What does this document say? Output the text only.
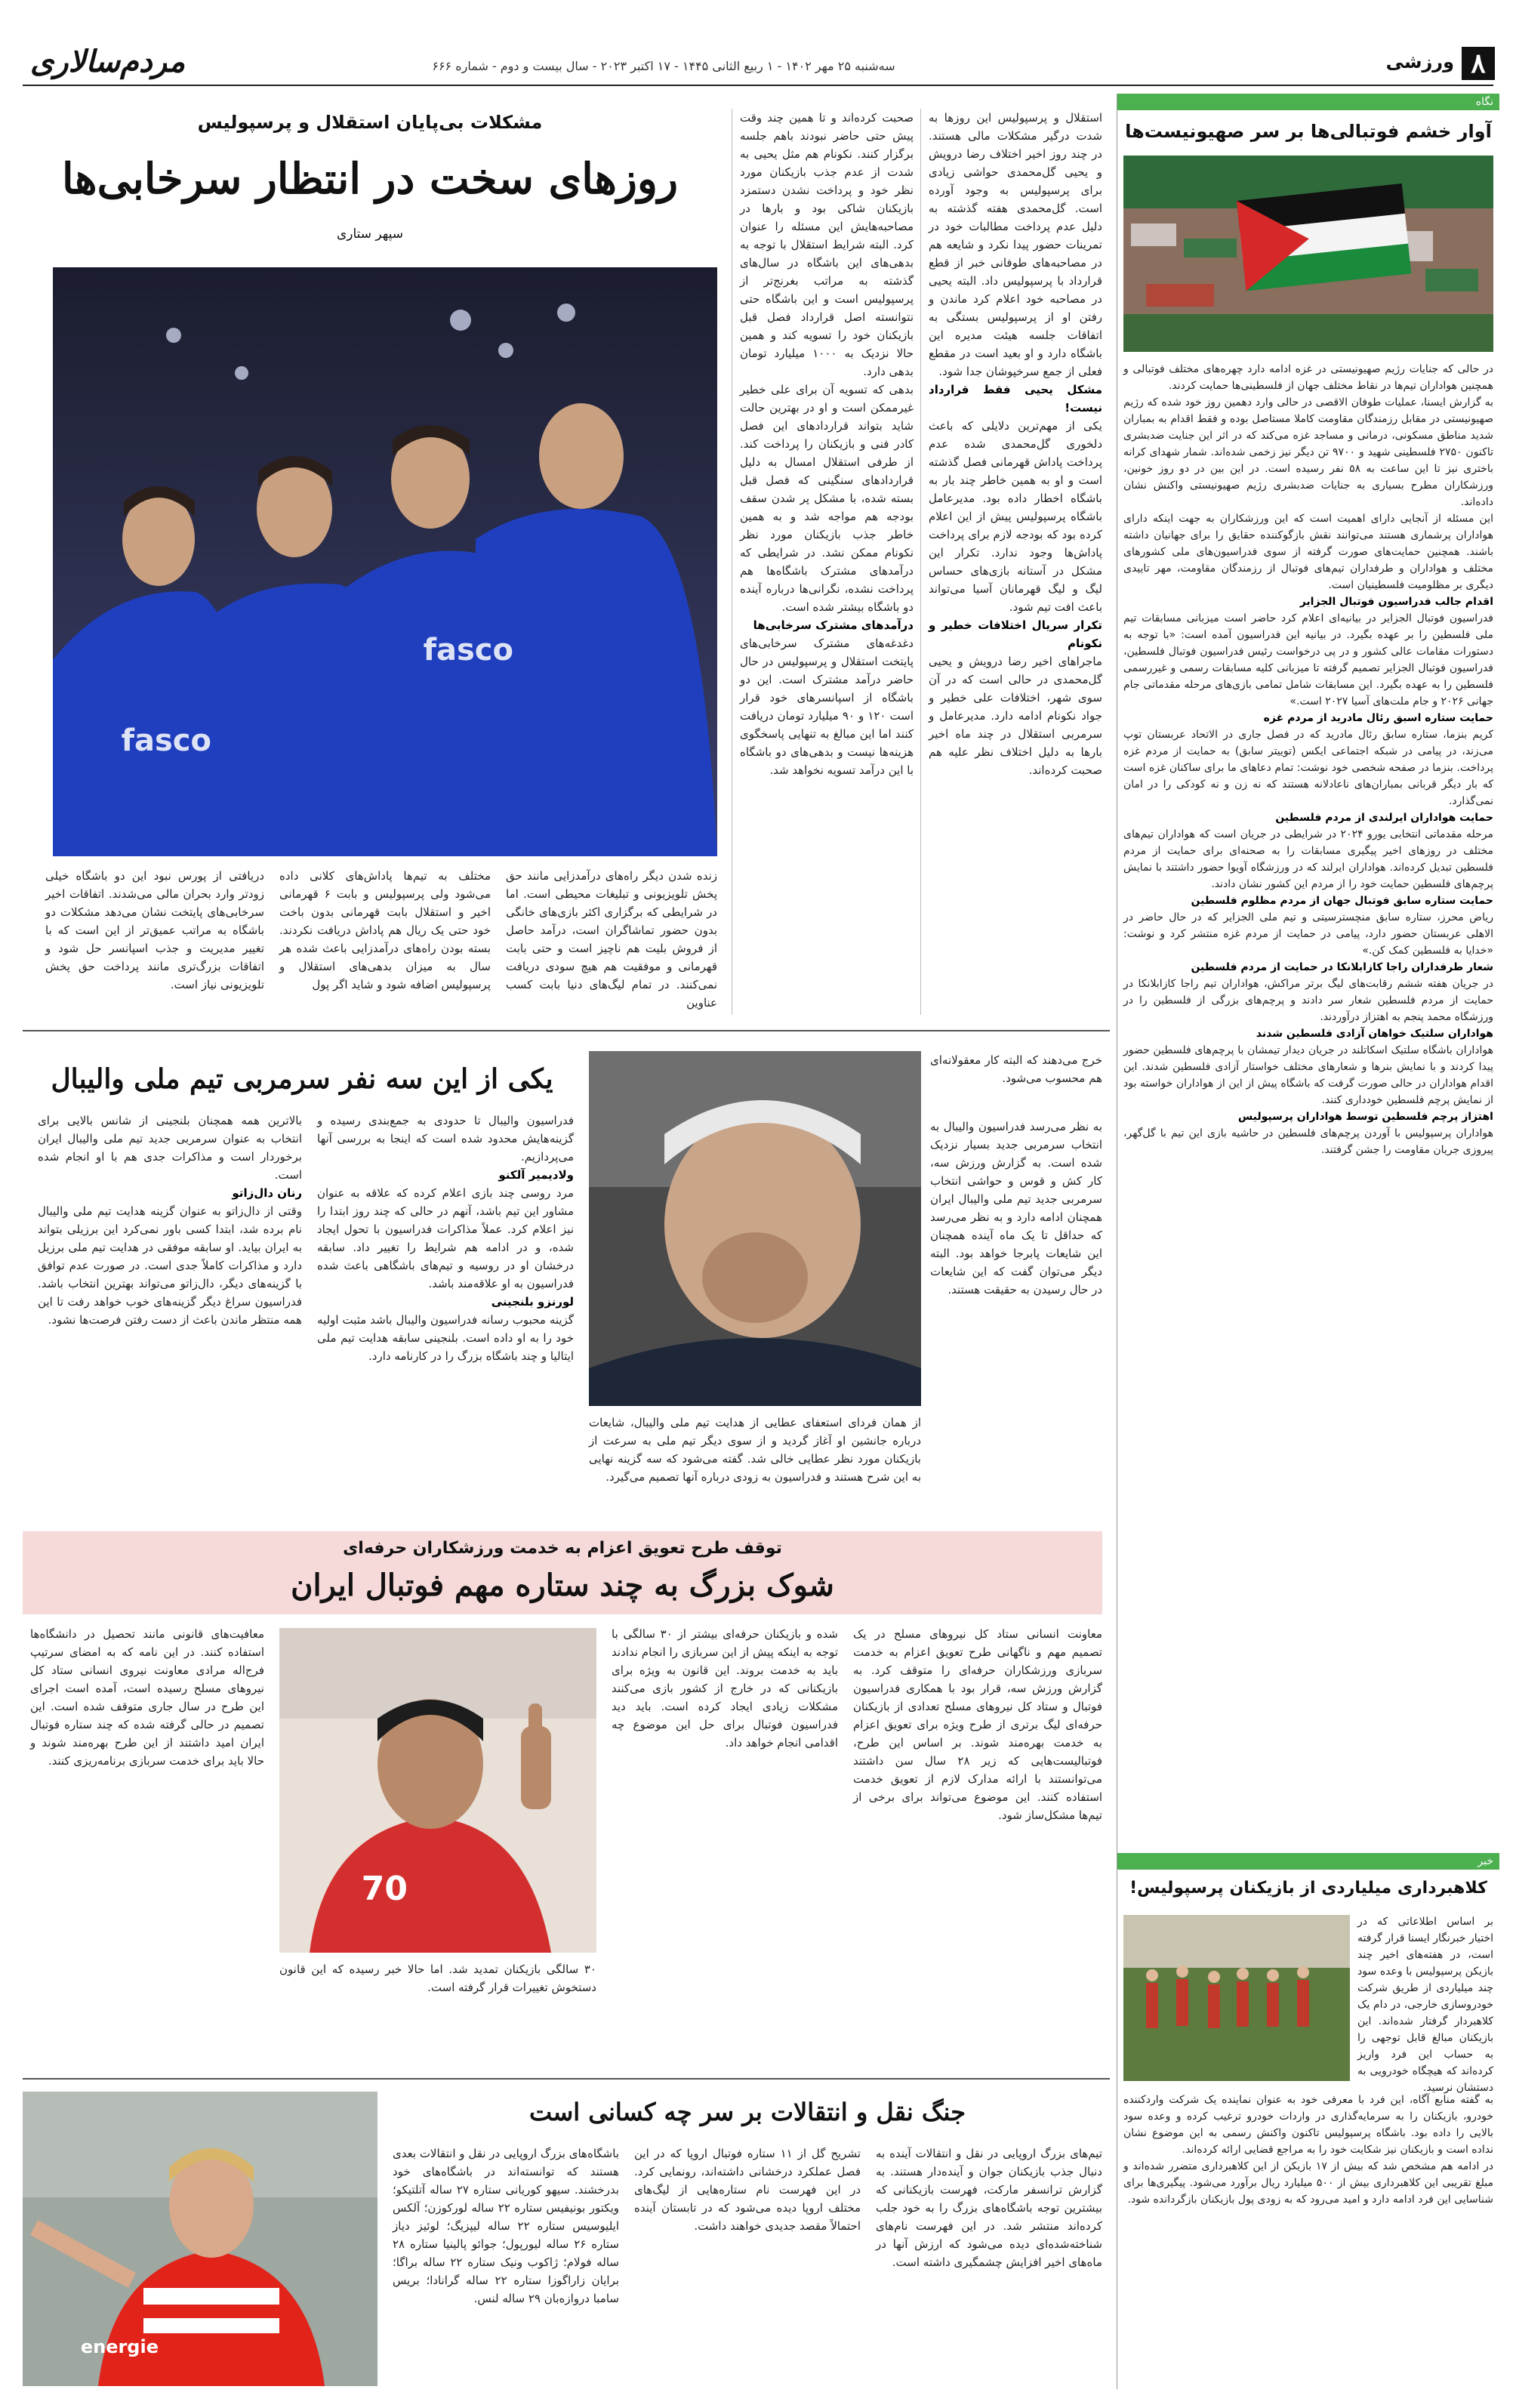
۸
ورزشی
سه‌شنبه ۲۵ مهر ۱۴۰۲ - ۱ ربیع الثانی ۱۴۴۵ - ۱۷ اکتبر ۲۰۲۳ - سال بیست و دوم - شماره ۶۶۶
مردم‌سالاری
نگاه
آوار خشم فوتبالی‌ها بر سر صهیونیست‌ها

در حالی که جنایات رژیم صهیونیستی در غزه ادامه دارد چهره‌های مختلف فوتبالی و همچنین هواداران تیم‌ها در نقاط مختلف جهان از فلسطینی‌ها حمایت کردند.

به گزارش ایسنا، عملیات طوفان الاقصی در حالی وارد دهمین روز خود شده که رژیم صهیونیستی در مقابل رزمندگان مقاومت کاملا مستاصل بوده و فقط اقدام به بمباران شدید مناطق مسکونی، درمانی و مساجد غزه می‌کند که در اثر این جنایت ضدبشری تاکنون ۲۷۵۰ فلسطینی شهید و ۹۷۰۰ تن دیگر نیز زخمی شده‌اند. شمار شهدای کرانه باختری نیز تا این ساعت به ۵۸ نفر رسیده است. در این بین در دو روز خونین، ورزشکاران مطرح بسیاری به جنایات ضدبشری رژیم صهیونیستی واکنش نشان داده‌اند.

این مسئله از آنجایی دارای اهمیت است که این ورزشکاران به جهت اینکه دارای هواداران پرشماری هستند می‌توانند نقش بازگوکننده حقایق را برای جهانیان داشته باشند. همچنین حمایت‌های صورت گرفته از سوی فدراسیون‌های ملی کشورهای مختلف و هواداران و طرفداران تیم‌های فوتبال از رزمندگان مقاومت، مهر تاییدی دیگری بر مظلومیت فلسطینیان است.

اقدام جالب فدراسیون فوتبال الجزایر

فدراسیون فوتبال الجزایر در بیانیه‌ای اعلام کرد حاضر است میزبانی مسابقات تیم ملی فلسطین را بر عهده بگیرد. در بیانیه این فدراسیون آمده است: «با توجه به دستورات مقامات عالی کشور و در پی درخواست رئیس فدراسیون فوتبال فلسطین، فدراسیون فوتبال الجزایر تصمیم گرفته تا میزبانی کلیه مسابقات رسمی و غیررسمی فلسطین را به عهده بگیرد. این مسابقات شامل تمامی بازی‌های مرحله مقدماتی جام جهانی ۲۰۲۶ و جام ملت‌های آسیا ۲۰۲۷ است.»

حمایت ستاره اسبق رئال مادرید از مردم غزه

کریم بنزما، ستاره سابق رئال مادرید که در فصل جاری در الاتحاد عربستان توپ می‌زند، در پیامی در شبکه اجتماعی ایکس (توییتر سابق) به حمایت از مردم غزه پرداخت. بنزما در صفحه شخصی خود نوشت: تمام دعاهای ما برای ساکنان غزه است که بار دیگر قربانی بمباران‌های ناعادلانه هستند که نه زن و نه کودکی را در امان نمی‌گذارد.

حمایت هواداران ایرلندی از مردم فلسطین

مرحله مقدماتی انتخابی یورو ۲۰۲۴ در شرایطی در جریان است که هواداران تیم‌های مختلف در روزهای اخیر پیگیری مسابقات را به صحنه‌ای برای حمایت از مردم فلسطین تبدیل کرده‌اند. هواداران ایرلند که در ورزشگاه آویوا حضور داشتند با نمایش پرچم‌های فلسطین حمایت خود را از مردم این کشور نشان دادند.

حمایت ستاره سابق فوتبال جهان از مردم مظلوم فلسطین

ریاض محرز، ستاره سابق منچسترسیتی و تیم ملی الجزایر که در حال حاضر در الاهلی عربستان حضور دارد، پیامی در حمایت از مردم غزه منتشر کرد و نوشت: «خدایا به فلسطین کمک کن.»

شعار طرفداران راجا کازابلانکا در حمایت از مردم فلسطین

در جریان هفته ششم رقابت‌های لیگ برتر مراکش، هواداران تیم راجا کازابلانکا در حمایت از مردم فلسطین شعار سر دادند و پرچم‌های بزرگی از فلسطین را در ورزشگاه محمد پنجم به اهتزاز درآوردند.

هواداران سلتیک خواهان آزادی فلسطین شدند

هواداران باشگاه سلتیک اسکاتلند در جریان دیدار تیمشان با پرچم‌های فلسطین حضور پیدا کردند و با نمایش بنرها و شعارهای مختلف خواستار آزادی فلسطین شدند. این اقدام هواداران در حالی صورت گرفت که باشگاه پیش از این از هواداران خواسته بود از نمایش پرچم فلسطین خودداری کنند.

اهتزاز پرچم فلسطین توسط هواداران پرسپولیس

هواداران پرسپولیس با آوردن پرچم‌های فلسطین در حاشیه بازی این تیم با گل‌گهر، پیروزی جریان مقاومت را جشن گرفتند.

خبر
کلاهبرداری میلیاردی از بازیکنان پرسپولیس!

بر اساس اطلاعاتی که در اختیار خبرنگار ایسنا قرار گرفته است، در هفته‌های اخیر چند بازیکن پرسپولیس با وعده سود چند میلیاردی از طریق شرکت خودروسازی خارجی، در دام یک کلاهبردار گرفتار شده‌اند. این بازیکنان مبالغ قابل توجهی را به حساب این فرد واریز کرده‌اند که هیچگاه خودرویی به دستشان نرسید.

به گفته منابع آگاه، این فرد با معرفی خود به عنوان نماینده یک شرکت واردکننده خودرو، بازیکنان را به سرمایه‌گذاری در واردات خودرو ترغیب کرده و وعده سود بالایی را داده بود. باشگاه پرسپولیس تاکنون واکنش رسمی به این موضوع نشان نداده است و بازیکنان نیز شکایت خود را به مراجع قضایی ارائه کرده‌اند.

در ادامه هم مشخص شد که بیش از ۱۷ بازیکن از این کلاهبرداری متضرر شده‌اند و مبلغ تقریبی این کلاهبرداری بیش از ۵۰۰ میلیارد ریال برآورد می‌شود. پیگیری‌ها برای شناسایی این فرد ادامه دارد و امید می‌رود که به زودی پول بازیکنان بازگردانده شود.

استقلال و پرسپولیس این روزها به شدت درگیر مشکلات مالی هستند. در چند روز اخیر اختلاف رضا درویش و یحیی گل‌محمدی حواشی زیادی برای پرسپولیس به وجود آورده است. گل‌محمدی هفته گذشته به دلیل عدم پرداخت مطالبات خود در تمرینات حضور پیدا نکرد و شایعه هم در مصاحبه‌های طوفانی خبر از قطع قرارداد با پرسپولیس داد. البته یحیی در مصاحبه خود اعلام کرد ماندن و رفتن او از پرسپولیس بستگی به اتفاقات جلسه هیئت مدیره این باشگاه دارد و او بعید است در مقطع فعلی از جمع سرخپوشان جدا شود.

مشکل یحیی فقط قرارداد نیست!

یکی از مهم‌ترین دلایلی که باعث دلخوری گل‌محمدی شده عدم پرداخت پاداش قهرمانی فصل گذشته است و او به همین خاطر چند بار به باشگاه اخطار داده بود. مدیرعامل باشگاه پرسپولیس پیش از این اعلام کرده بود که بودجه لازم برای پرداخت پاداش‌ها وجود ندارد. تکرار این مشکل در آستانه بازی‌های حساس لیگ و لیگ قهرمانان آسیا می‌تواند باعث افت تیم شود.

تکرار سریال اختلافات خطیر و نکونام

ماجراهای اخیر رضا درویش و یحیی گل‌محمدی در حالی است که در آن سوی شهر، اختلافات علی خطیر و جواد نکونام ادامه دارد. مدیرعامل و سرمربی استقلال در چند ماه اخیر بارها به دلیل اختلاف نظر علیه هم صحبت کرده‌اند.

صحبت کرده‌اند و تا همین چند وقت پیش حتی حاضر نبودند باهم جلسه برگزار کنند. نکونام هم مثل یحیی به شدت از عدم جذب بازیکنان مورد نظر خود و پرداخت نشدن دستمزد بازیکنان شاکی بود و بارها در مصاحبه‌هایش این مسئله را عنوان کرد. البته شرایط استقلال با توجه به بدهی‌های این باشگاه در سال‌های گذشته به مراتب بغرنج‌تر از پرسپولیس است و این باشگاه حتی نتوانسته اصل قرارداد فصل قبل بازیکنان خود را تسویه کند و همین حالا نزدیک به ۱۰۰۰ میلیارد تومان بدهی دارد.

بدهی که تسویه آن برای علی خطیر غیرممکن است و او در بهترین حالت شاید بتواند قراردادهای این فصل کادر فنی و بازیکنان را پرداخت کند. از طرفی استقلال امسال به دلیل قراردادهای سنگینی که فصل قبل بسته شده، با مشکل پر شدن سقف بودجه هم مواجه شد و به همین خاطر جذب بازیکنان مورد نظر نکونام ممکن نشد. در شرایطی که درآمدهای مشترک باشگاه‌ها هم پرداخت نشده، نگرانی‌ها درباره آینده دو باشگاه بیشتر شده است.

درآمدهای مشترک سرخابی‌ها

دغدغه‌های مشترک سرخابی‌های پایتخت استقلال و پرسپولیس در حال حاضر درآمد مشترک است. این دو باشگاه از اسپانسرهای خود قرار است ۱۲۰ و ۹۰ میلیارد تومان دریافت کنند اما این مبالغ به تنهایی پاسخگوی هزینه‌ها نیست و بدهی‌های دو باشگاه با این درآمد تسویه نخواهد شد.

مشکلات بی‌پایان استقلال و پرسپولیس
روزهای سخت در انتظار سرخابی‌ها
سپهر ستاری
fasco
fasco

زنده شدن دیگر راه‌های درآمدزایی مانند حق پخش تلویزیونی و تبلیغات محیطی است. اما در شرایطی که برگزاری اکثر بازی‌های خانگی بدون حضور تماشاگران است، درآمد حاصل از فروش بلیت هم ناچیز است و حتی بابت قهرمانی و موفقیت هم هیچ سودی دریافت نمی‌کنند. در تمام لیگ‌های دنیا بابت کسب عناوین

مختلف به تیم‌ها پاداش‌های کلانی داده می‌شود ولی پرسپولیس و بابت ۶ قهرمانی اخیر و استقلال بابت قهرمانی بدون باخت خود حتی یک ریال هم پاداش دریافت نکردند. بسته بودن راه‌های درآمدزایی باعث شده هر سال به میزان بدهی‌های استقلال و پرسپولیس اضافه شود و شاید اگر پول

دریافتی از پورس نبود این دو باشگاه خیلی زودتر وارد بحران مالی می‌شدند. اتفاقات اخیر سرخابی‌های پایتخت نشان می‌دهد مشکلات دو باشگاه به مراتب عمیق‌تر از این است که با تغییر مدیریت و جذب اسپانسر حل شود و اتفاقات بزرگ‌تری مانند پرداخت حق پخش تلویزیونی نیاز است.

یکی از این سه نفر سرمربی تیم ملی والیبال

خرج می‌دهند که البته کار معقولانه‌ای هم محسوب می‌شود.

به نظر می‌رسد فدراسیون والیبال به انتخاب سرمربی جدید بسیار نزدیک شده است. به گزارش ورزش سه، کار کش و قوس و حواشی انتخاب سرمربی جدید تیم ملی والیبال ایران همچنان ادامه دارد و به نظر می‌رسد که حداقل تا یک ماه آینده همچنان این شایعات پابرجا خواهد بود. البته دیگر می‌توان گفت که این شایعات در حال رسیدن به حقیقت هستند.

از همان فردای استعفای عطایی از هدایت تیم ملی والیبال، شایعات درباره جانشین او آغاز گردید و از سوی دیگر تیم ملی به سرعت از بازیکنان مورد نظر عطایی خالی شد. گفته می‌شود که سه گزینه نهایی به این شرح هستند و فدراسیون به زودی درباره آنها تصمیم می‌گیرد.

فدراسیون والیبال تا حدودی به جمع‌بندی رسیده و گزینه‌هایش محدود شده است که اینجا به بررسی آنها می‌پردازیم.

ولادیمیر آلکنو

مرد روسی چند بازی اعلام کرده که علاقه به عنوان مشاور این تیم باشد، آنهم در حالی که چند روز ابتدا را نیز اعلام کرد. عملاً مذاکرات فدراسیون با تحول ایجاد شده، و در ادامه هم شرایط را تغییر داد. سابقه درخشان او در روسیه و تیم‌های باشگاهی باعث شده فدراسیون به او علاقه‌مند باشد.

لورنزو بلنجینی

گزینه محبوب رسانه فدراسیون والیبال باشد مثبت اولیه خود را به او داده است. بلنجینی سابقه هدایت تیم ملی ایتالیا و چند باشگاه بزرگ را در کارنامه دارد.

بالاترین همه همچنان بلنجینی از شانس بالایی برای انتخاب به عنوان سرمربی جدید تیم ملی والیبال ایران برخوردار است و مذاکرات جدی هم با او انجام شده است.

رنان دال‌زاتو

وقتی از دال‌زاتو به عنوان گزینه هدایت تیم ملی والیبال نام برده شد، ابتدا کسی باور نمی‌کرد این برزیلی بتواند به ایران بیاید. او سابقه موفقی در هدایت تیم ملی برزیل دارد و مذاکرات کاملاً جدی است. در صورت عدم توافق با گزینه‌های دیگر، دال‌زاتو می‌تواند بهترین انتخاب باشد. فدراسیون سراغ دیگر گزینه‌های خوب خواهد رفت تا این همه منتظر ماندن باعث از دست رفتن فرصت‌ها نشود.

توقف طرح تعویق اعزام به خدمت ورزشکاران حرفه‌ای
شوک بزرگ به چند ستاره مهم فوتبال ایران

معاونت انسانی ستاد کل نیروهای مسلح در یک تصمیم مهم و ناگهانی طرح تعویق اعزام به خدمت سربازی ورزشکاران حرفه‌ای را متوقف کرد. به گزارش ورزش سه، قرار بود با همکاری فدراسیون فوتبال و ستاد کل نیروهای مسلح تعدادی از بازیکنان حرفه‌ای لیگ برتری از طرح ویژه برای تعویق اعزام به خدمت بهره‌مند شوند. بر اساس این طرح، فوتبالیست‌هایی که زیر ۲۸ سال سن داشتند می‌توانستند با ارائه مدارک لازم از تعویق خدمت استفاده کنند. این موضوع می‌تواند برای برخی از تیم‌ها مشکل‌ساز شود.

شده و بازیکنان حرفه‌ای بیشتر از ۳۰ سالگی با توجه به اینکه پیش از این سربازی را انجام ندادند باید به خدمت بروند. این قانون به ویژه برای بازیکنانی که در خارج از کشور بازی می‌کنند مشکلات زیادی ایجاد کرده است. باید دید فدراسیون فوتبال برای حل این موضوع چه اقدامی انجام خواهد داد.

70

۳۰ سالگی بازیکنان تمدید شد. اما حالا خبر رسیده که این قانون دستخوش تغییرات قرار گرفته است.

معافیت‌های قانونی مانند تحصیل در دانشگاه‌ها استفاده کنند. در این نامه که به امضای سرتیپ فرج‌اله مرادی معاونت نیروی انسانی ستاد کل نیروهای مسلح رسیده است، آمده است اجرای این طرح در سال جاری متوقف شده است. این تصمیم در حالی گرفته شده که چند ستاره فوتبال ایران امید داشتند از این طرح بهره‌مند شوند و حالا باید برای خدمت سربازی برنامه‌ریزی کنند.

جنگ نقل و انتقالات بر سر چه کسانی است

تیم‌های بزرگ اروپایی در نقل و انتقالات آینده به دنبال جذب بازیکنان جوان و آینده‌دار هستند. به گزارش ترانسفر مارکت، فهرست بازیکنانی که بیشترین توجه باشگاه‌های بزرگ را به خود جلب کرده‌اند منتشر شد. در این فهرست نام‌های شناخته‌شده‌ای دیده می‌شود که ارزش آنها در ماه‌های اخیر افزایش چشمگیری داشته است.

تشریح گل از ۱۱ ستاره فوتبال اروپا که در این فصل عملکرد درخشانی داشته‌اند، رونمایی کرد. در این فهرست نام ستاره‌هایی از لیگ‌های مختلف اروپا دیده می‌شود که در تابستان آینده احتمالاً مقصد جدیدی خواهند داشت.

باشگاه‌های بزرگ اروپایی در نقل و انتقالات بعدی هستند که توانسته‌اند در باشگاه‌های خود بدرخشند. سیهو کوریانی ستاره ۲۷ ساله آتلتیکو؛ ویکتور بونیفیس ستاره ۲۲ ساله لورکوزن؛ آلکس ایلیوسیس ستاره ۲۲ ساله لیپزیگ؛ لوئیز دیاز ستاره ۲۶ ساله لیورپول؛ جوائو پالینیا ستاره ۲۸ ساله فولام؛ ژاکوب ونیک ستاره ۲۲ ساله براگا؛ برایان زاراگوزا ستاره ۲۲ ساله گرانادا؛ بریس سامبا دروازه‌بان ۲۹ ساله لنس.

energie
